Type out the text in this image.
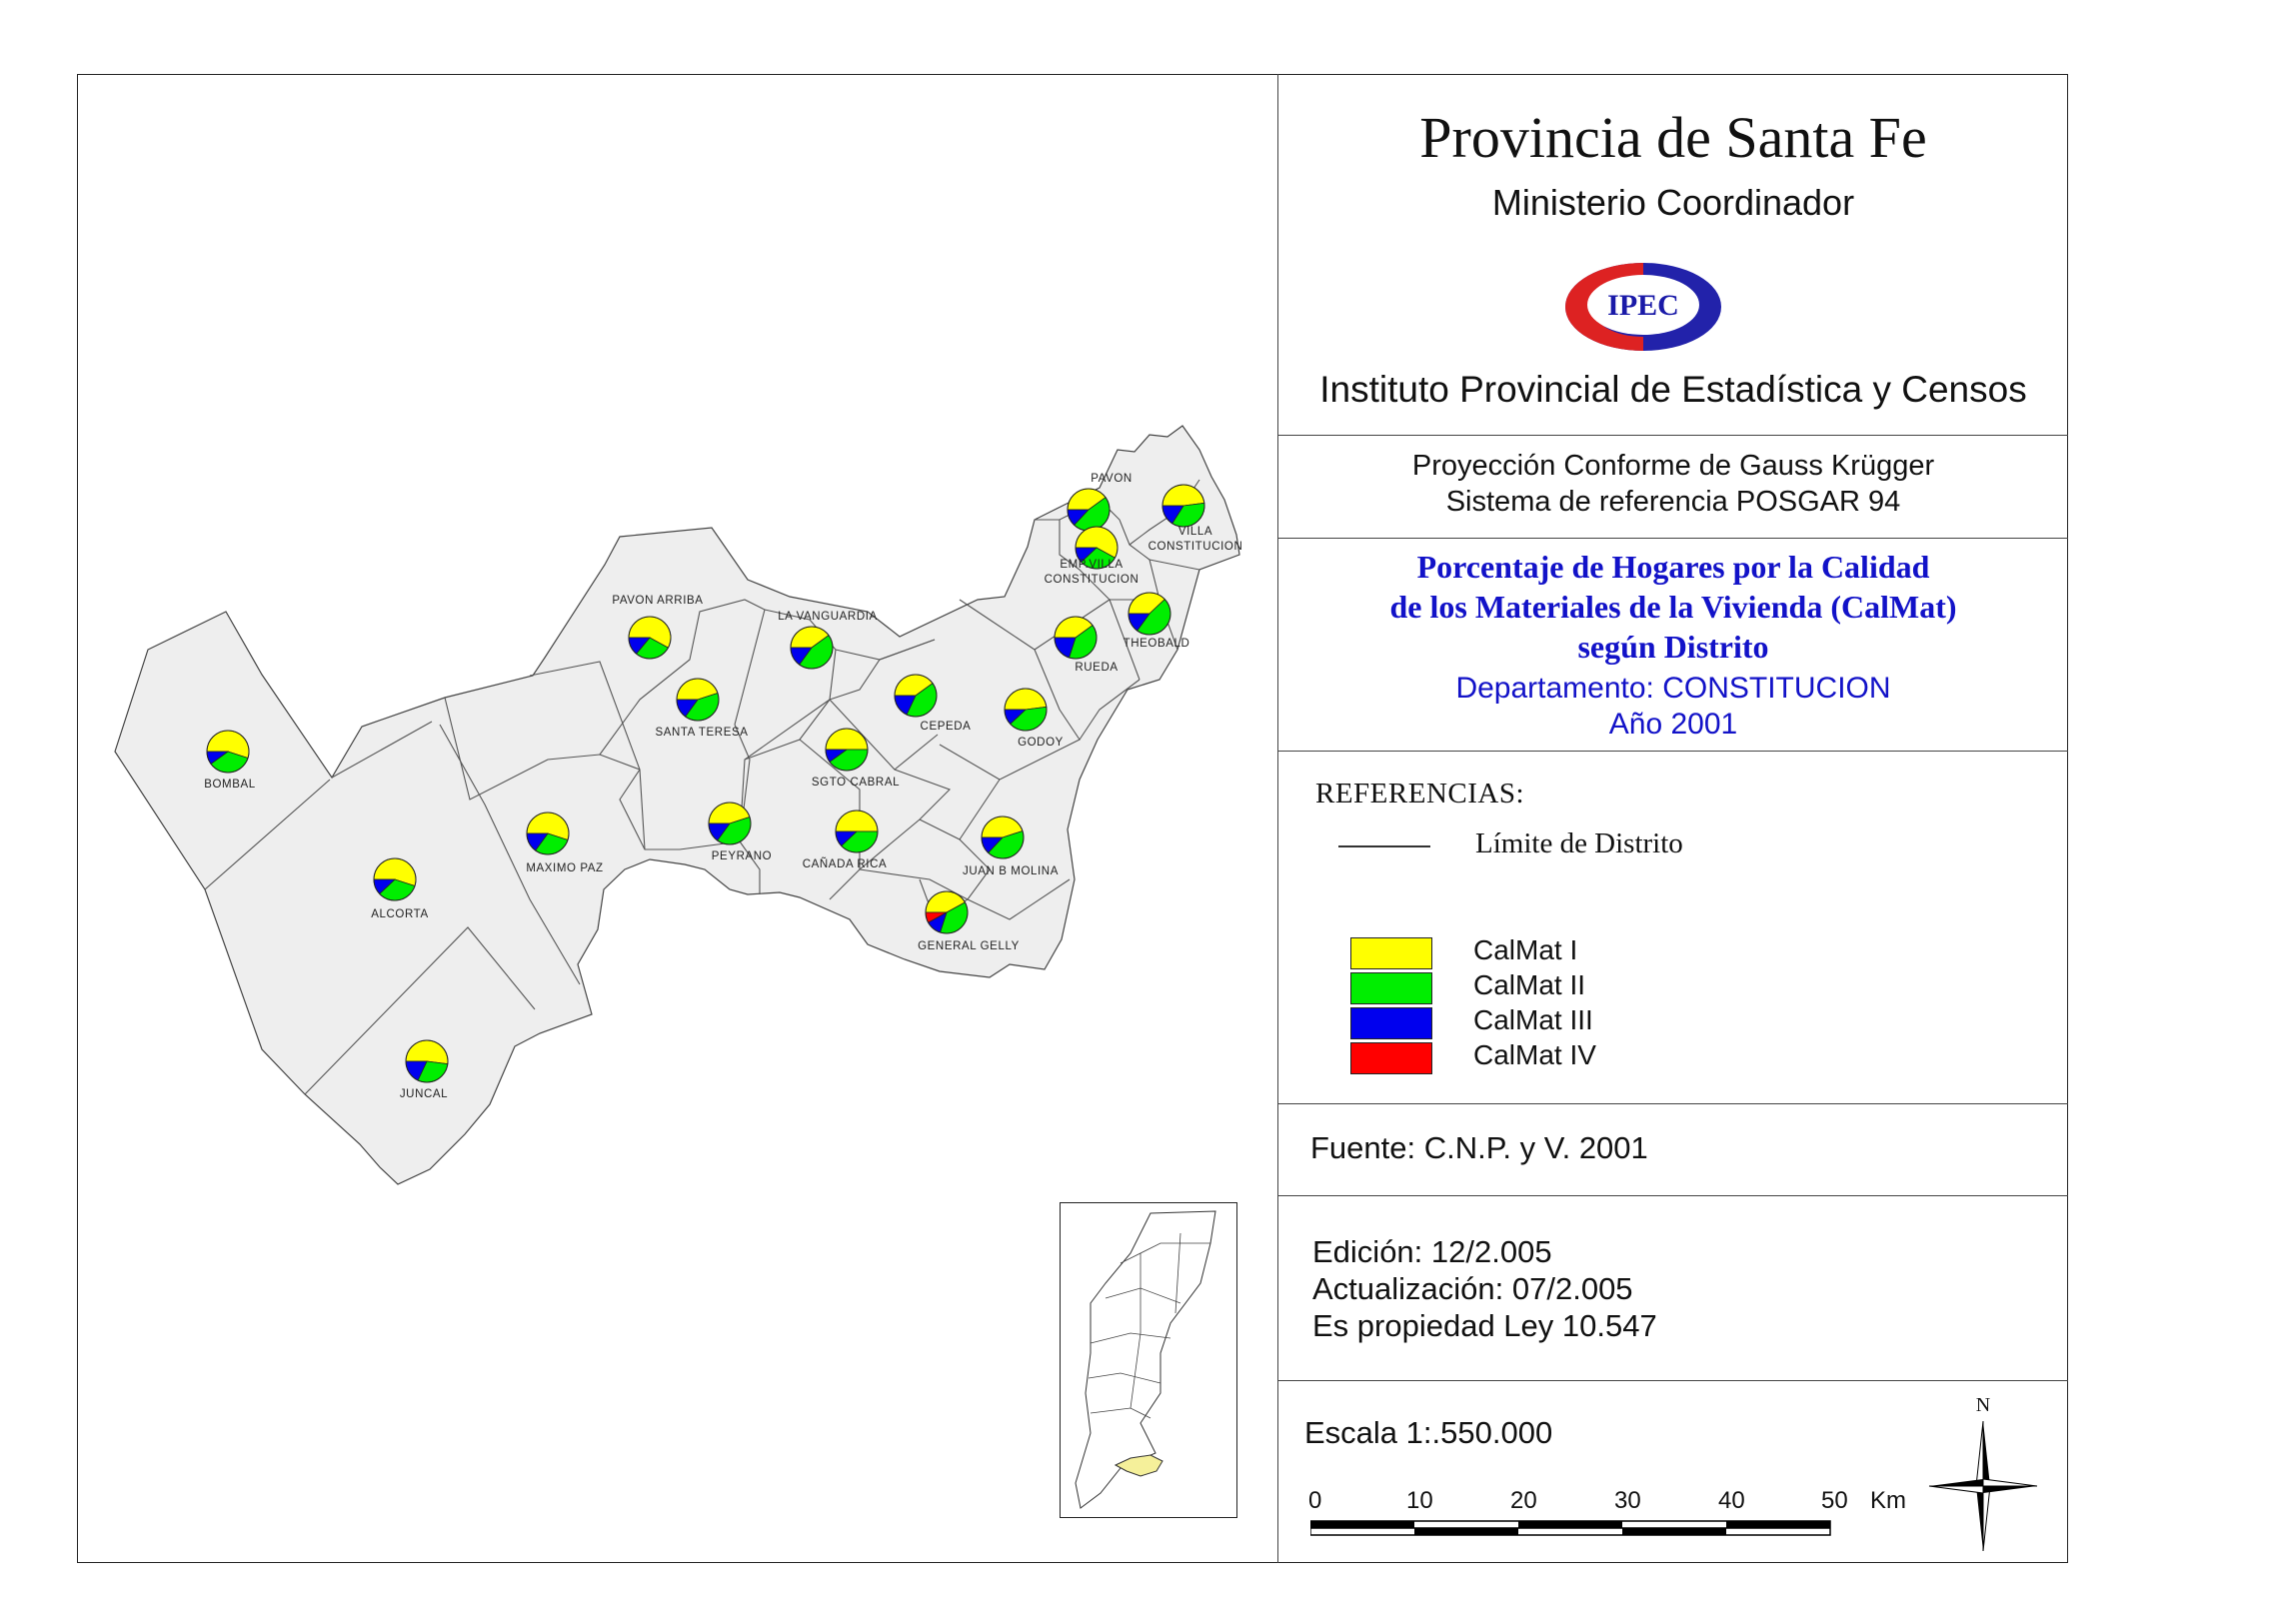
BOMBAL
ALCORTA
JUNCAL
MAXIMO PAZ
PAVON ARRIBA
SANTA TERESA
LA VANGUARDIA
SGTO CABRAL
PEYRANO
CAÑADA RICA
CEPEDA
GODOY
JUAN B MOLINA
GENERAL GELLY
RUEDA
THEOBALD
PAVON
VILLA
CONSTITUCION
EMP.VILLA
CONSTITUCION
Provincia de Santa Fe
Ministerio Coordinador
IPEC
Instituto Provincial de Estadística y Censos
Proyección Conforme de Gauss Krügger
Sistema de referencia POSGAR 94
Porcentaje de Hogares por la Calidad
de los Materiales de la Vivienda (CalMat)
según Distrito
Departamento: CONSTITUCION
Año 2001
REFERENCIAS:
Límite de Distrito
CalMat I
CalMat II
CalMat III
CalMat IV
Fuente: C.N.P. y V. 2001
Edición: 12/2.005
Actualización: 07/2.005
Es propiedad Ley 10.547
Escala 1:.550.000
0	10	20	30	40	50 Km
N
